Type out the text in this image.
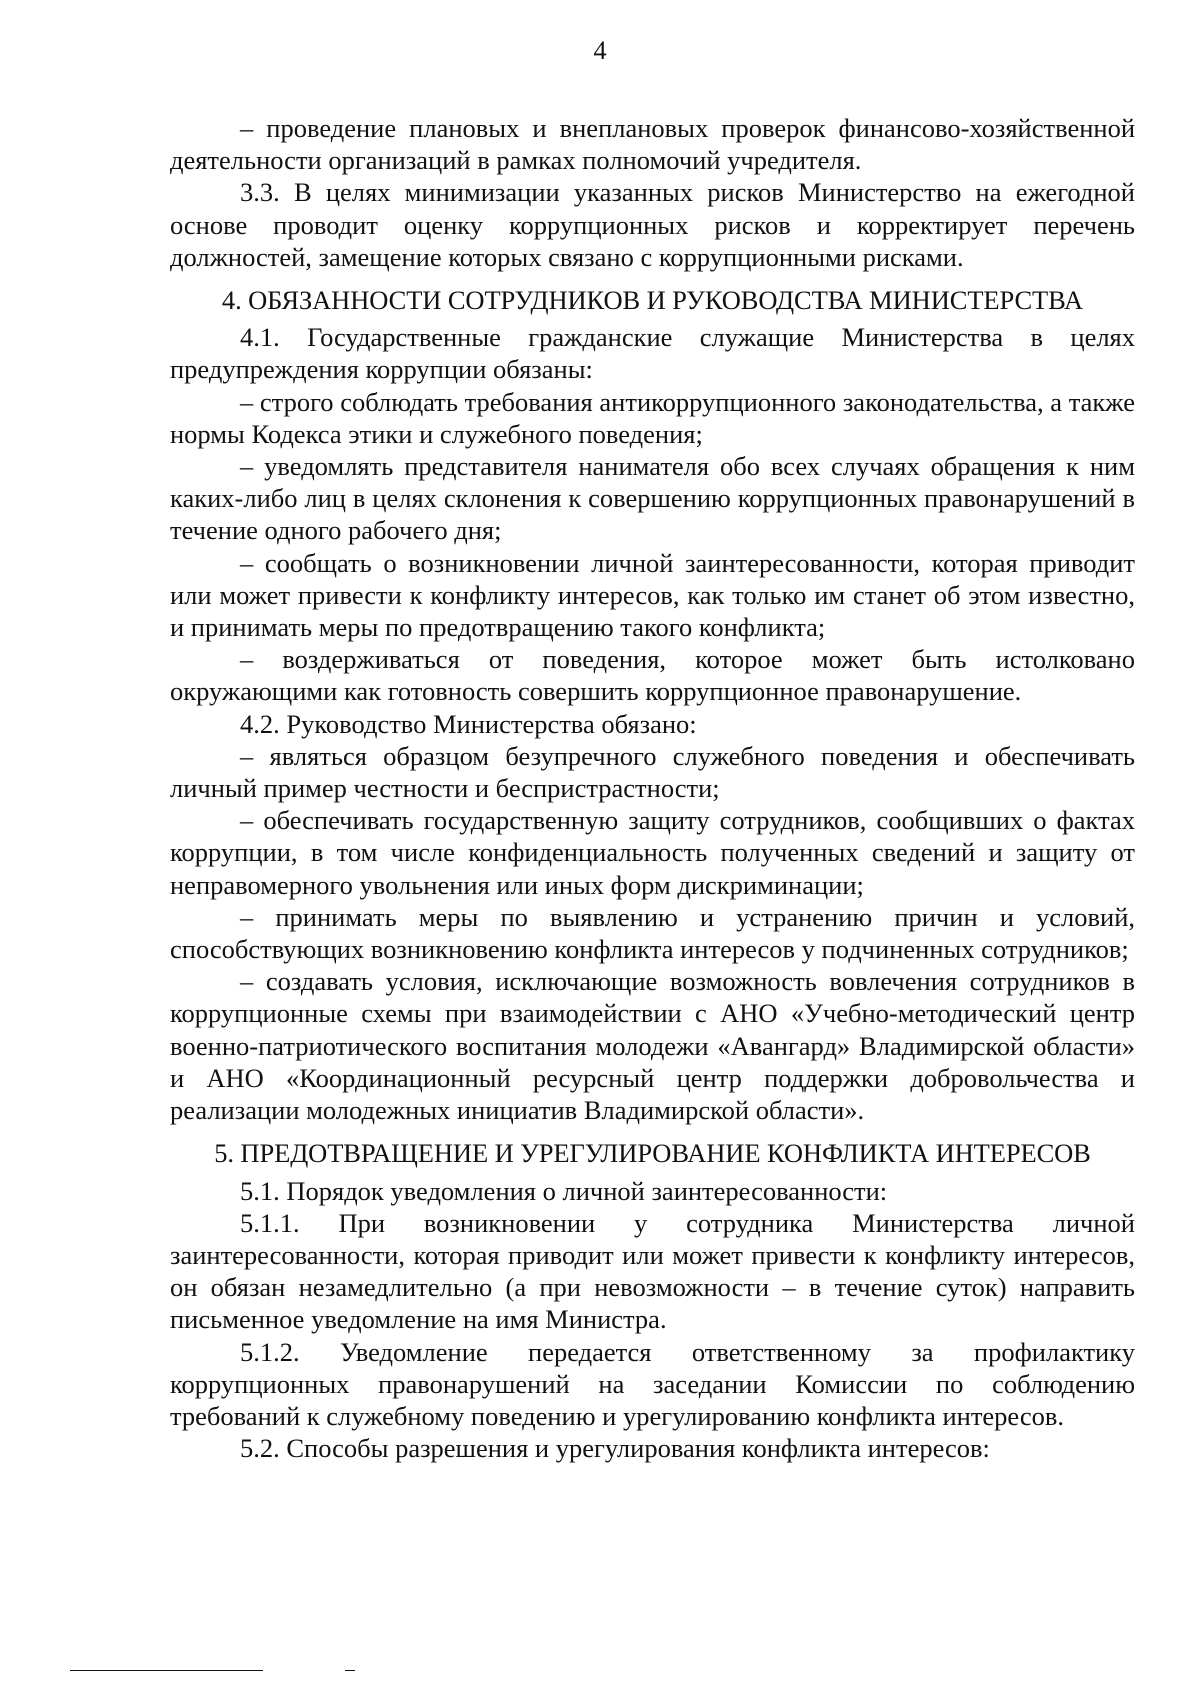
4

– проведение плановых и внеплановых проверок финансово-хозяйственной деятельности организаций в рамках полномочий учредителя.

3.3. В целях минимизации указанных рисков Министерство на ежегодной основе проводит оценку коррупционных рисков и корректирует перечень должностей, замещение которых связано с коррупционными рисками.

4. ОБЯЗАННОСТИ СОТРУДНИКОВ И РУКОВОДСТВА МИНИСТЕРСТВА

4.1. Государственные гражданские служащие Министерства в целях предупреждения коррупции обязаны:

– строго соблюдать требования антикоррупционного законодательства, а также нормы Кодекса этики и служебного поведения;

– уведомлять представителя нанимателя обо всех случаях обращения к ним каких-либо лиц в целях склонения к совершению коррупционных правонарушений в течение одного рабочего дня;

– сообщать о возникновении личной заинтересованности, которая приводит или может привести к конфликту интересов, как только им станет об этом известно, и принимать меры по предотвращению такого конфликта;

– воздерживаться от поведения, которое может быть истолковано окружающими как готовность совершить коррупционное правонарушение.

4.2. Руководство Министерства обязано:

– являться образцом безупречного служебного поведения и обеспечивать личный пример честности и беспристрастности;

– обеспечивать государственную защиту сотрудников, сообщивших о фактах коррупции, в том числе конфиденциальность полученных сведений и защиту от неправомерного увольнения или иных форм дискриминации;

– принимать меры по выявлению и устранению причин и условий, способствующих возникновению конфликта интересов у подчиненных сотрудников;

– создавать условия, исключающие возможность вовлечения сотрудников в коррупционные схемы при взаимодействии с АНО «Учебно-методический центр военно-патриотического воспитания молодежи «Авангард» Владимирской области» и АНО «Координационный ресурсный центр поддержки добровольчества и реализации молодежных инициатив Владимирской области».

5. ПРЕДОТВРАЩЕНИЕ И УРЕГУЛИРОВАНИЕ КОНФЛИКТА ИНТЕРЕСОВ

5.1. Порядок уведомления о личной заинтересованности:

5.1.1. При возникновении у сотрудника Министерства личной заинтересованности, которая приводит или может привести к конфликту интересов, он обязан незамедлительно (а при невозможности – в течение суток) направить письменное уведомление на имя Министра.

5.1.2. Уведомление передается ответственному за профилактику коррупционных правонарушений на заседании Комиссии по соблюдению требований к служебному поведению и урегулированию конфликта интересов.

5.2. Способы разрешения и урегулирования конфликта интересов:
